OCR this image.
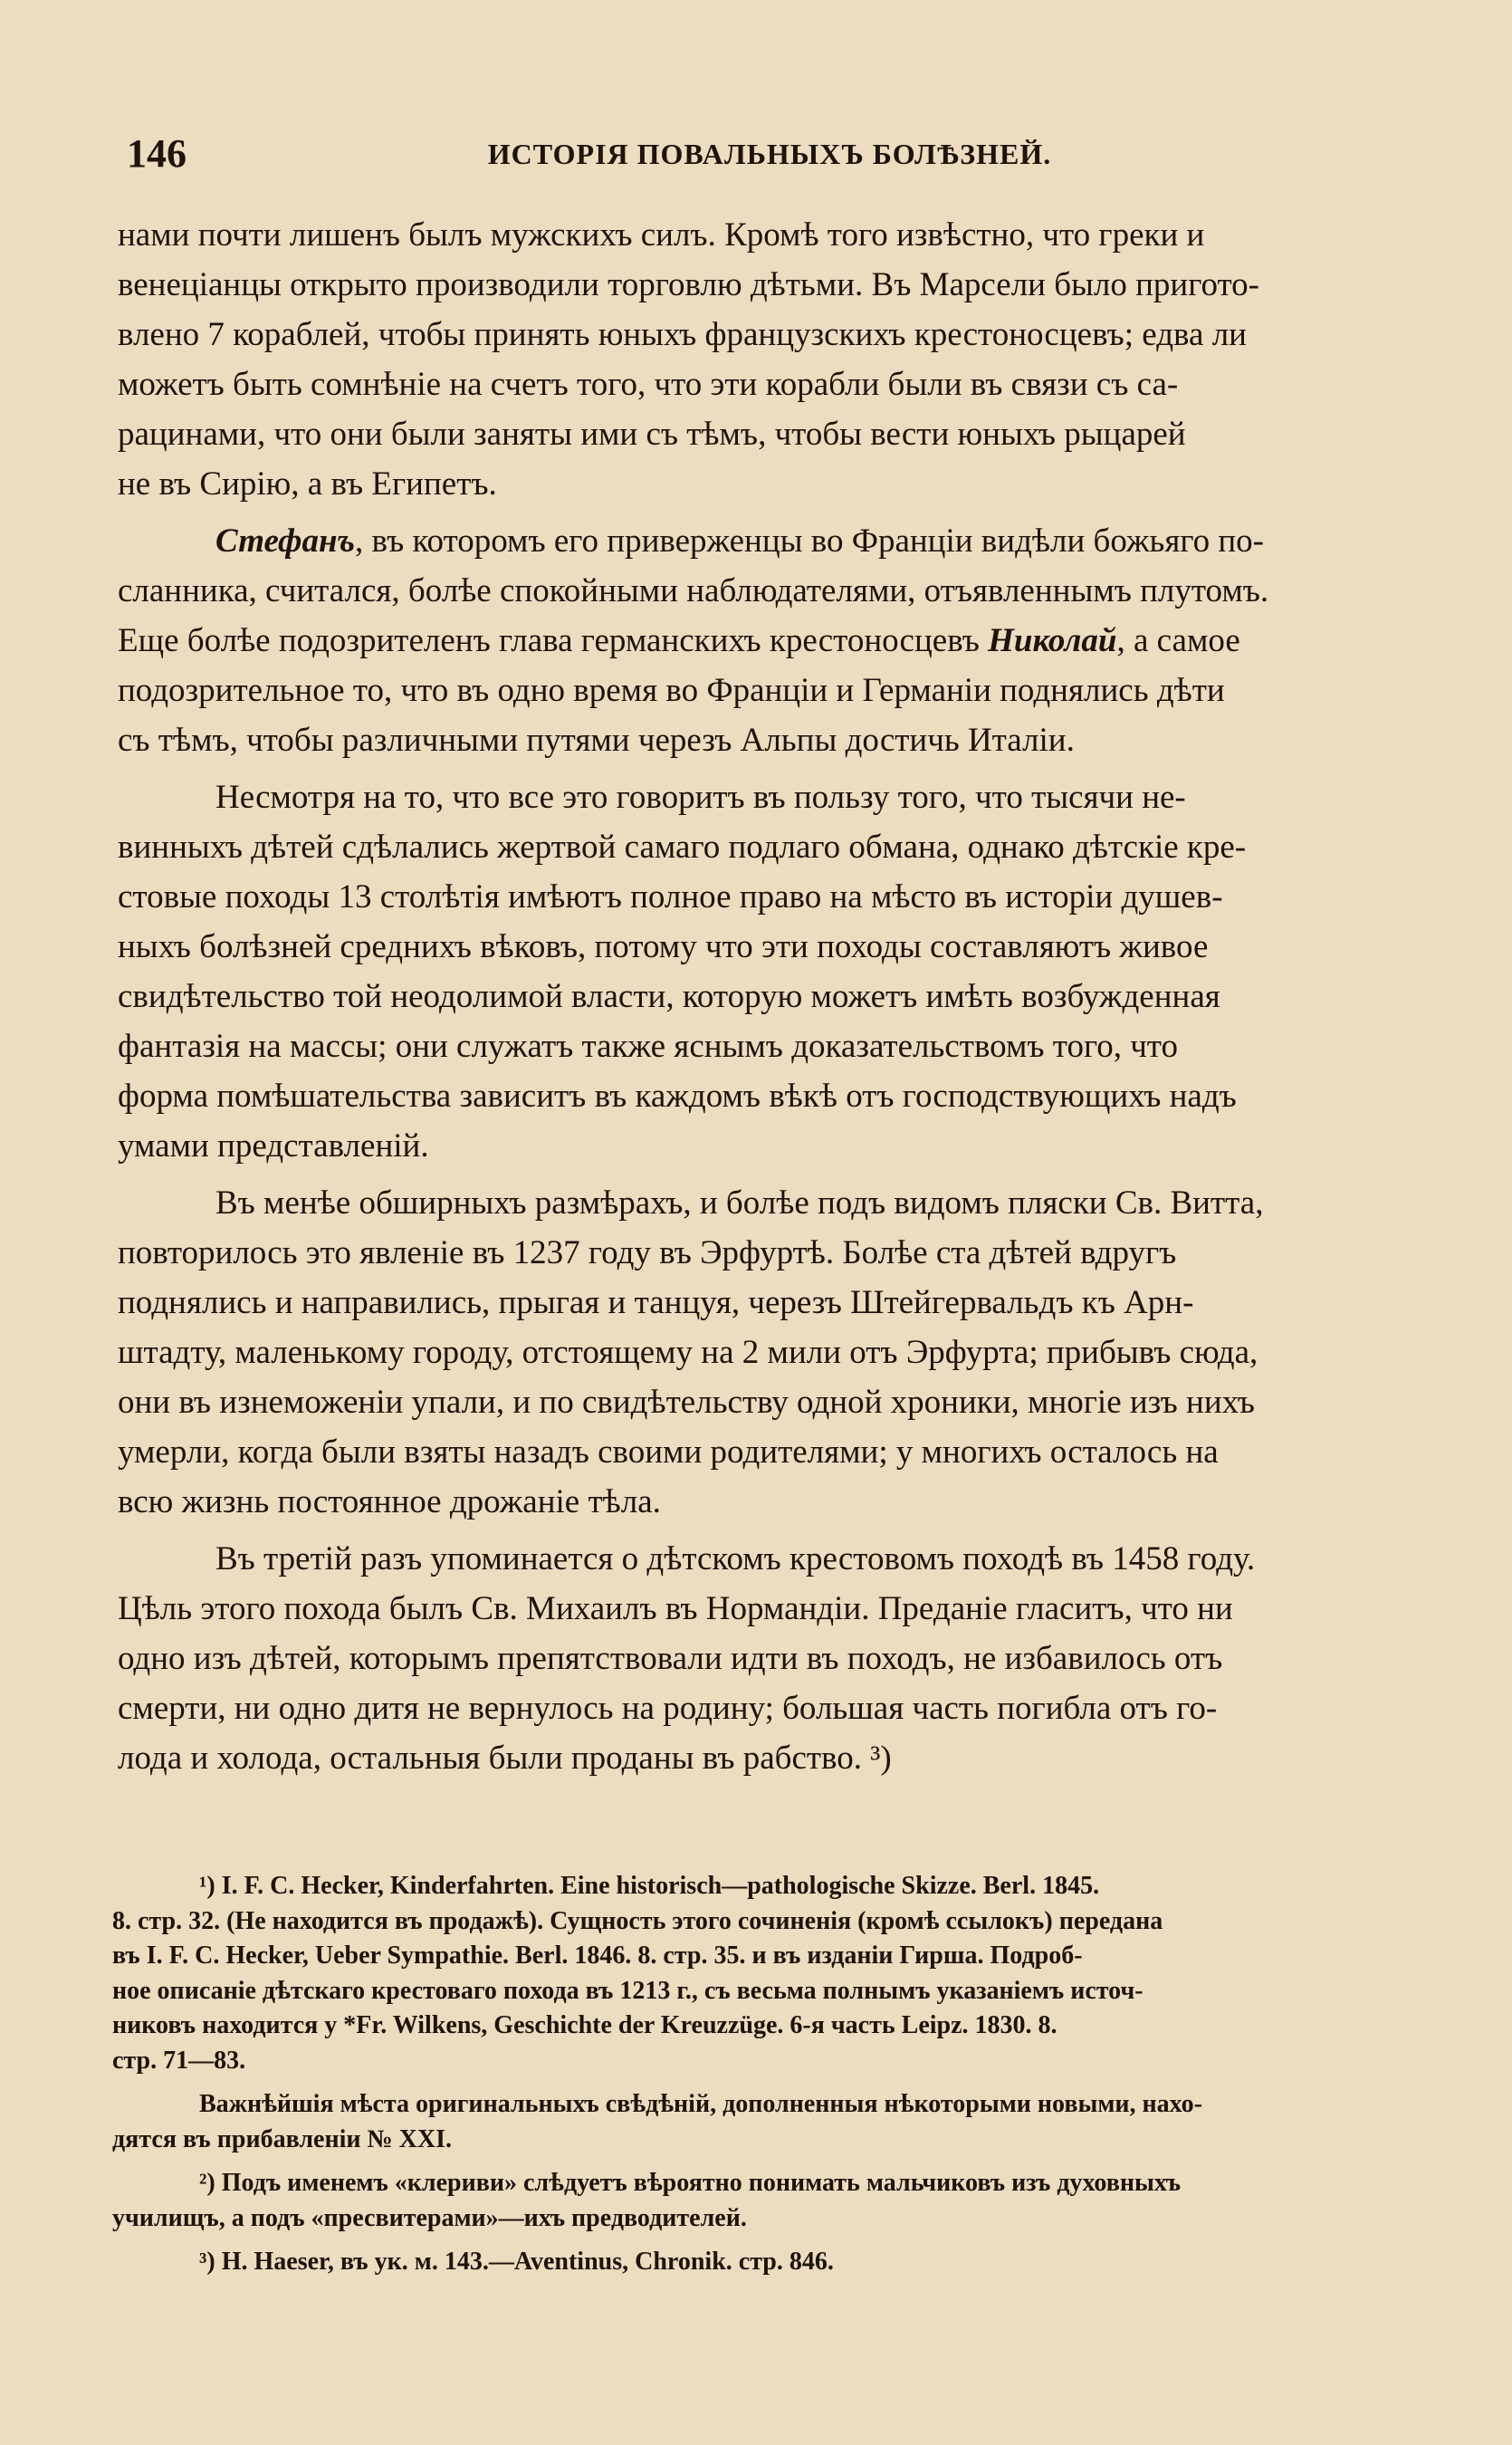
146	ИСТОРІЯ ПОВАЛЬНЫХЪ БОЛѢЗНЕЙ.

нами почти лишенъ былъ мужскихъ силъ. Кромѣ того извѣстно, что греки и
венеціанцы открыто производили торговлю дѣтьми. Въ Марсели было пригото-
влено 7 кораблей, чтобы принять юныхъ французскихъ крестоносцевъ; едва ли
можетъ быть сомнѣніе на счетъ того, что эти корабли были въ связи съ са-
рацинами, что они были заняты ими съ тѣмъ, чтобы вести юныхъ рыцарей
не въ Сирію, а въ Египетъ.

Стефанъ, въ которомъ его приверженцы во Франціи видѣли божьяго по-
сланника, считался, болѣе спокойными наблюдателями, отъявленнымъ плутомъ.
Еще болѣе подозрителенъ глава германскихъ крестоносцевъ Николай, а самое
подозрительное то, что въ одно время во Франціи и Германіи поднялись дѣти
съ тѣмъ, чтобы различными путями черезъ Альпы достичь Италіи.

Несмотря на то, что все это говоритъ въ пользу того, что тысячи не-
винныхъ дѣтей сдѣлались жертвой самаго подлаго обмана, однако дѣтскіе кре-
стовые походы 13 столѣтія имѣютъ полное право на мѣсто въ исторіи душев-
ныхъ болѣзней среднихъ вѣковъ, потому что эти походы составляютъ живое
свидѣтельство той неодолимой власти, которую можетъ имѣть возбужденная
фантазія на массы; они служатъ также яснымъ доказательствомъ того, что
форма помѣшательства зависитъ въ каждомъ вѣкѣ отъ господствующихъ надъ
умами представленій.

Въ менѣе обширныхъ размѣрахъ, и болѣе подъ видомъ пляски Св. Витта,
повторилось это явленіе въ 1237 году въ Эрфуртѣ. Болѣе ста дѣтей вдругъ
поднялись и направились, прыгая и танцуя, черезъ Штейгервальдъ къ Арн-
штадту, маленькому городу, отстоящему на 2 мили отъ Эрфурта; прибывъ сюда,
они въ изнеможеніи упали, и по свидѣтельству одной хроники, многіе изъ нихъ
умерли, когда были взяты назадъ своими родителями; у многихъ осталось на
всю жизнь постоянное дрожаніе тѣла.

Въ третій разъ упоминается о дѣтскомъ крестовомъ походѣ въ 1458 году.
Цѣль этого похода былъ Св. Михаилъ въ Нормандіи. Преданіе гласитъ, что ни
одно изъ дѣтей, которымъ препятствовали идти въ походъ, не избавилось отъ
смерти, ни одно дитя не вернулось на родину; большая часть погибла отъ го-
лода и холода, остальныя были проданы въ рабство. ³)

¹) I. F. C. Hecker, Kinderfahrten. Eine historisch—pathologische Skizze. Berl. 1845.
8. стр. 32. (Не находится въ продажѣ). Сущность этого сочиненія (кромѣ ссылокъ) передана
въ I. F. C. Hecker, Ueber Sympathie. Berl. 1846. 8. стр. 35. и въ изданіи Гирша. Подроб-
ное описаніе дѣтскаго крестоваго похода въ 1213 г., съ весьма полнымъ указаніемъ источ-
никовъ находится у *Fr. Wilkens, Geschichte der Kreuzzüge. 6-я часть Leipz. 1830. 8.
стр. 71—83.

Важнѣйшія мѣста оригинальныхъ свѣдѣній, дополненныя нѣкоторыми новыми, нахо-
дятся въ прибавленіи № XXI.

²) Подъ именемъ «клериви» слѣдуетъ вѣроятно понимать мальчиковъ изъ духовныхъ
училищъ, а подъ «пресвитерами»—ихъ предводителей.

³) H. Haeser, въ ук. м. 143.—Aventinus, Chronik. стр. 846.
